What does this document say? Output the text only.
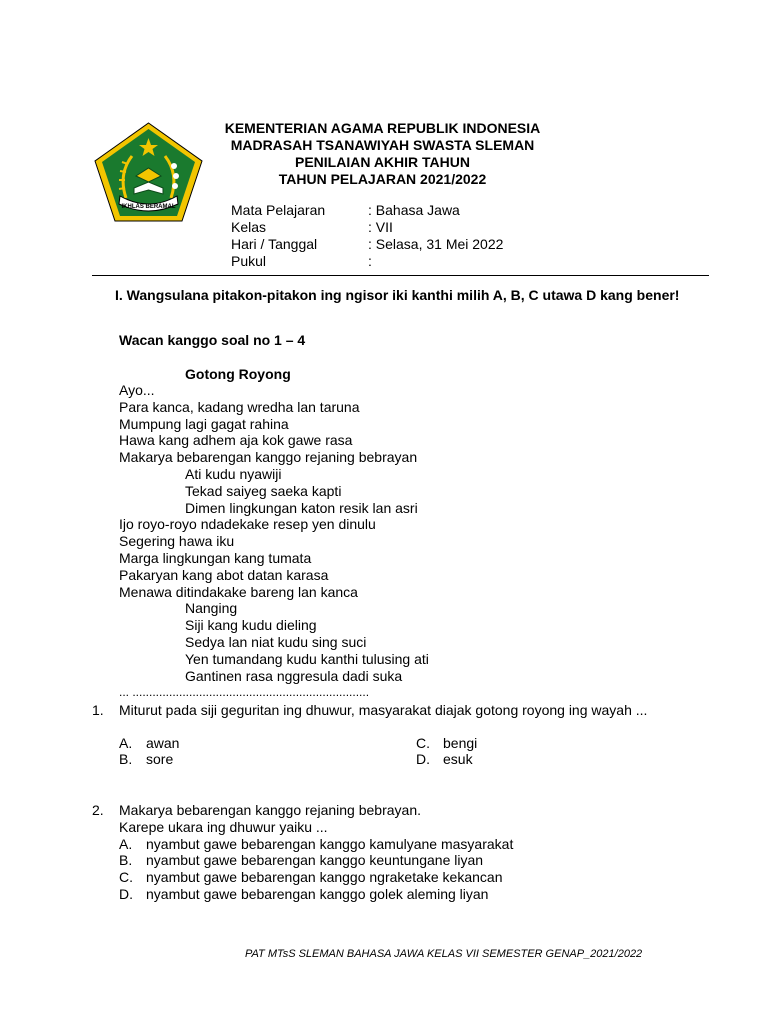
IKHLAS BERAMAL
KEMENTERIAN AGAMA REPUBLIK INDONESIA
MADRASAH TSANAWIYAH SWASTA SLEMAN
PENILAIAN AKHIR TAHUN
TAHUN PELAJARAN 2021/2022
Mata Pelajaran	: Bahasa Jawa
Kelas	: VII
Hari / Tanggal	: Selasa, 31 Mei 2022
Pukul	:
I. Wangsulana pitakon-pitakon ing ngisor iki kanthi milih A, B, C utawa D kang bener!
Wacan kanggo soal no 1 – 4
Gotong Royong
Ayo...
Para kanca, kadang wredha lan taruna
Mumpung lagi gagat rahina
Hawa kang adhem aja kok gawe rasa
Makarya bebarengan kanggo rejaning bebrayan
Ati kudu nyawiji
Tekad saiyeg saeka kapti
Dimen lingkungan katon resik lan asri
Ijo royo-royo ndadekake resep yen dinulu
Segering hawa iku
Marga lingkungan kang tumata
Pakaryan kang abot datan karasa
Menawa ditindakake bareng lan kanca
Nanging
Siji kang kudu dieling
Sedya lan niat kudu sing suci
Yen tumandang kudu kanthi tulusing ati
Gantinen rasa nggresula dadi suka
... .......................................................................
1. Miturut pada siji geguritan ing dhuwur, masyarakat diajak gotong royong ing wayah ...
A. awan
B. sore
C. bengi
D. esuk
2. Makarya bebarengan kanggo rejaning bebrayan.
Karepe ukara ing dhuwur yaiku ...
A. nyambut gawe bebarengan kanggo kamulyane masyarakat
B. nyambut gawe bebarengan kanggo keuntungane liyan
C. nyambut gawe bebarengan kanggo ngraketake kekancan
D. nyambut gawe bebarengan kanggo golek aleming liyan
PAT MTsS SLEMAN BAHASA JAWA KELAS VII SEMESTER GENAP_2021/2022
